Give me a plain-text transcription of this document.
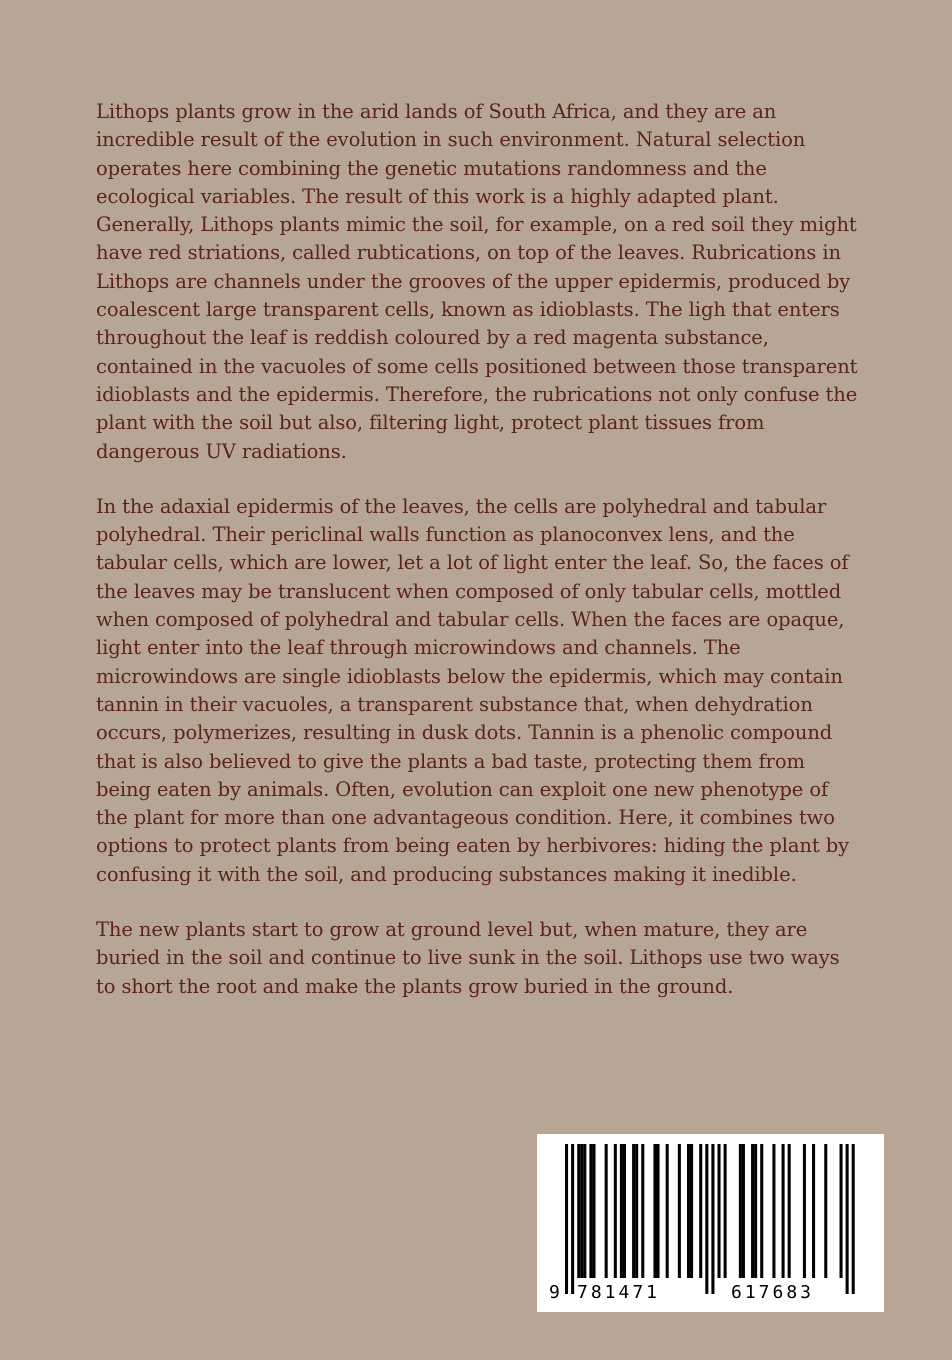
Lithops plants grow in the arid lands of South Africa, and they are an incredible result of the evolution in such environment. Natural selection operates here combining the genetic mutations randomness and the ecological variables. The result of this work is a highly adapted plant. Generally, Lithops plants mimic the soil, for example, on a red soil they might have red striations, called rubtications, on top of the leaves. Rubrications in Lithops are channels under the grooves of the upper epidermis, produced by coalescent large transparent cells, known as idioblasts. The ligh that enters throughout the leaf is reddish coloured by a red magenta substance, contained in the vacuoles of some cells positioned between those transparent idioblasts and the epidermis. Therefore, the rubrications not only confuse the plant with the soil but also, filtering light, protect plant tissues from dangerous UV radiations.

In the adaxial epidermis of the leaves, the cells are polyhedral and tabular polyhedral. Their periclinal walls function as planoconvex lens, and the tabular cells, which are lower, let a lot of light enter the leaf. So, the faces of the leaves may be translucent when composed of only tabular cells, mottled when composed of polyhedral and tabular cells. When the faces are opaque, light enter into the leaf through microwindows and channels. The microwindows are single idioblasts below the epidermis, which may contain tannin in their vacuoles, a transparent substance that, when dehydration occurs, polymerizes, resulting in dusk dots. Tannin is a phenolic compound that is also believed to give the plants a bad taste, protecting them from being eaten by animals. Often, evolution can exploit one new phenotype of the plant for more than one advantageous condition. Here, it combines two options to protect plants from being eaten by herbivores: hiding the plant by confusing it with the soil, and producing substances making it inedible.

The new plants start to grow at ground level but, when mature, they are buried in the soil and continue to live sunk in the soil. Lithops use two ways to short the root and make the plants grow buried in the ground.

9 781471	617683
